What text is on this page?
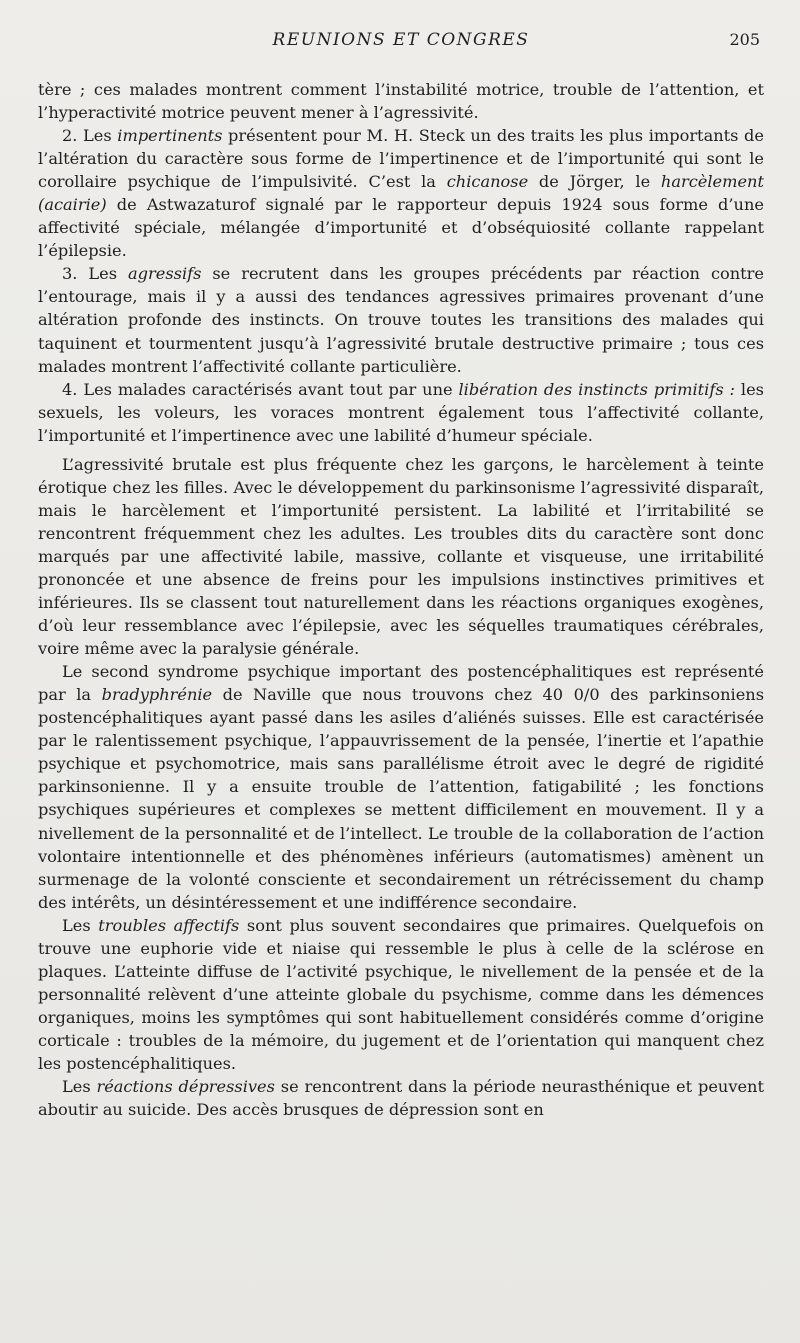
REUNIONS ET CONGRES	205

tère ; ces malades montrent comment l’instabilité motrice, trouble de l’attention, et l’hyperactivité motrice peuvent mener à l’agressivité.

2. Les impertinents présentent pour M. H. Steck un des traits les plus importants de l’altération du caractère sous forme de l’impertinence et de l’importunité qui sont le corollaire psychique de l’impulsivité. C’est la chicanose de Jörger, le harcèlement (acairie) de Astwazaturof signalé par le rapporteur depuis 1924 sous forme d’une affectivité spéciale, mélangée d’importunité et d’obséquiosité collante rappelant l’épilepsie.

3. Les agressifs se recrutent dans les groupes précédents par réaction contre l’entourage, mais il y a aussi des tendances agressives primaires provenant d’une altération profonde des instincts. On trouve toutes les transitions des malades qui taquinent et tourmentent jusqu’à l’agressivité brutale destructive primaire ; tous ces malades montrent l’affectivité collante particulière.

4. Les malades caractérisés avant tout par une libération des instincts primitifs : les sexuels, les voleurs, les voraces montrent également tous l’affectivité collante, l’importunité et l’impertinence avec une labilité d’humeur spéciale.

L’agressivité brutale est plus fréquente chez les garçons, le harcèlement à teinte érotique chez les filles. Avec le développement du parkinsonisme l’agressivité disparaît, mais le harcèlement et l’importunité persistent. La labilité et l’irritabilité se rencontrent fréquemment chez les adultes. Les troubles dits du caractère sont donc marqués par une affectivité labile, massive, collante et visqueuse, une irritabilité prononcée et une absence de freins pour les impulsions instinctives primitives et inférieures. Ils se classent tout naturellement dans les réactions organiques exogènes, d’où leur ressemblance avec l’épilepsie, avec les séquelles traumatiques cérébrales, voire même avec la paralysie générale.

Le second syndrome psychique important des postencéphalitiques est représenté par la bradyphrénie de Naville que nous trouvons chez 40 0/0 des parkinsoniens postencéphalitiques ayant passé dans les asiles d’aliénés suisses. Elle est caractérisée par le ralentissement psychique, l’appauvrissement de la pensée, l’inertie et l’apathie psychique et psychomotrice, mais sans parallélisme étroit avec le degré de rigidité parkinsonienne. Il y a ensuite trouble de l’attention, fatigabilité ; les fonctions psychiques supérieures et complexes se mettent difficilement en mouvement. Il y a nivellement de la personnalité et de l’intellect. Le trouble de la collaboration de l’action volontaire intentionnelle et des phénomènes inférieurs (automatismes) amènent un surmenage de la volonté consciente et secondairement un rétrécissement du champ des intérêts, un désintéressement et une indifférence secondaire.

Les troubles affectifs sont plus souvent secondaires que primaires. Quelquefois on trouve une euphorie vide et niaise qui ressemble le plus à celle de la sclérose en plaques. L’atteinte diffuse de l’activité psychique, le nivellement de la pensée et de la personnalité relèvent d’une atteinte globale du psychisme, comme dans les démences organiques, moins les symptômes qui sont habituellement considérés comme d’origine corticale : troubles de la mémoire, du jugement et de l’orientation qui manquent chez les postencéphalitiques.

Les réactions dépressives se rencontrent dans la période neurasthénique et peuvent aboutir au suicide. Des accès brusques de dépression sont en
